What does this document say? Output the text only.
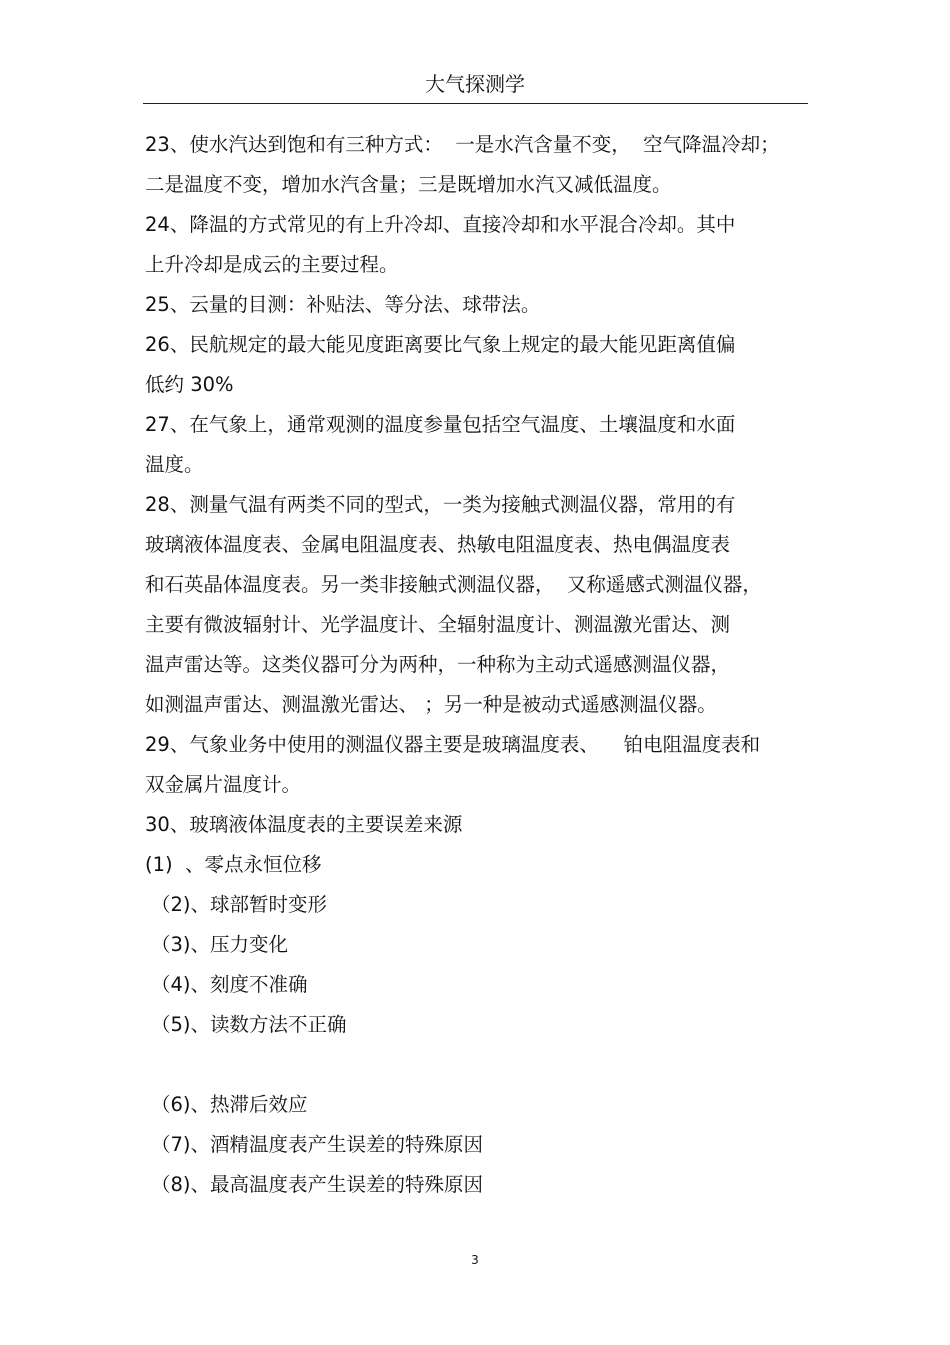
大气探测学
23、使水汽达到饱和有三种方式：  一是水汽含量不变，  空气降温冷却；
二是温度不变，增加水汽含量；三是既增加水汽又减低温度。
24、降温的方式常见的有上升冷却、直接冷却和水平混合冷却。其中
上升冷却是成云的主要过程。
25、云量的目测：补贴法、等分法、球带法。
26、民航规定的最大能见度距离要比气象上规定的最大能见距离值偏
低约 30%
27、在气象上，通常观测的温度参量包括空气温度、土壤温度和水面
温度。
28、测量气温有两类不同的型式，一类为接触式测温仪器，常用的有
玻璃液体温度表、金属电阻温度表、热敏电阻温度表、热电偶温度表
和石英晶体温度表。另一类非接触式测温仪器，  又称遥感式测温仪器，
主要有微波辐射计、光学温度计、全辐射温度计、测温激光雷达、测
温声雷达等。这类仪器可分为两种，一种称为主动式遥感测温仪器，
如测温声雷达、测温激光雷达、 ；另一种是被动式遥感测温仪器。
29、气象业务中使用的测温仪器主要是玻璃温度表、    铂电阻温度表和
双金属片温度计。
30、玻璃液体温度表的主要误差来源
(1)  、零点永恒位移
（2)、球部暂时变形
（3)、压力变化
（4)、刻度不准确
（5)、读数方法不正确
（6)、热滞后效应
（7)、酒精温度表产生误差的特殊原因
（8)、最高温度表产生误差的特殊原因
3
